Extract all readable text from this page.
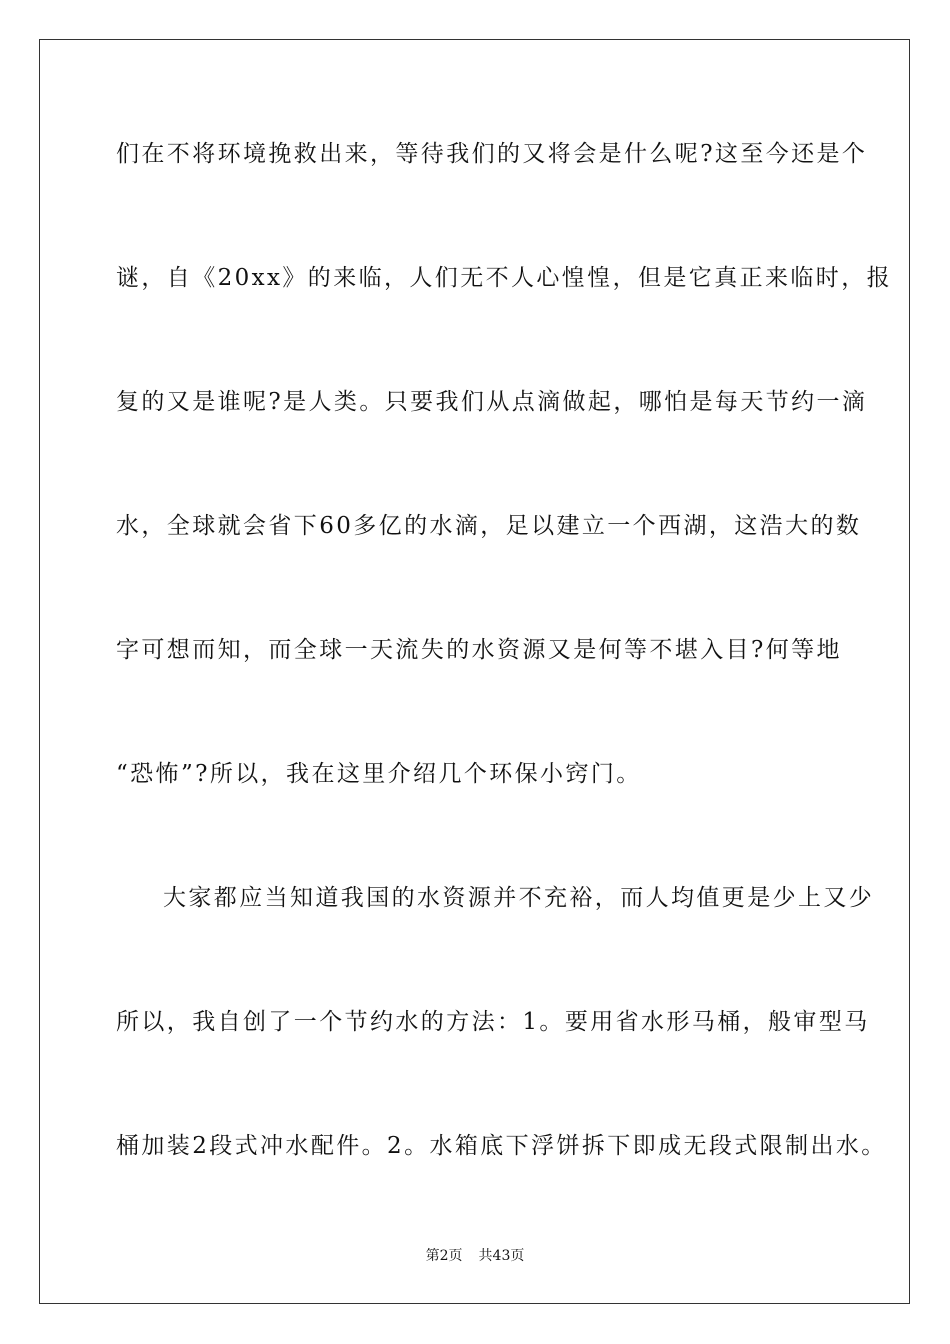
们在不将环境挽救出来，等待我们的又将会是什么呢?这至今还是个
谜，自《20xx》的来临，人们无不人心惶惶，但是它真正来临时，报
复的又是谁呢?是人类。只要我们从点滴做起，哪怕是每天节约一滴
水，全球就会省下60多亿的水滴，足以建立一个西湖，这浩大的数
字可想而知，而全球一天流失的水资源又是何等不堪入目?何等地
“恐怖”?所以，我在这里介绍几个环保小窍门。
大家都应当知道我国的水资源并不充裕，而人均值更是少上又少
所以，我自创了一个节约水的方法：1。要用省水形马桶，般审型马
桶加装2段式冲水配件。2。水箱底下浮饼拆下即成无段式限制出水。
第2页 共43页
